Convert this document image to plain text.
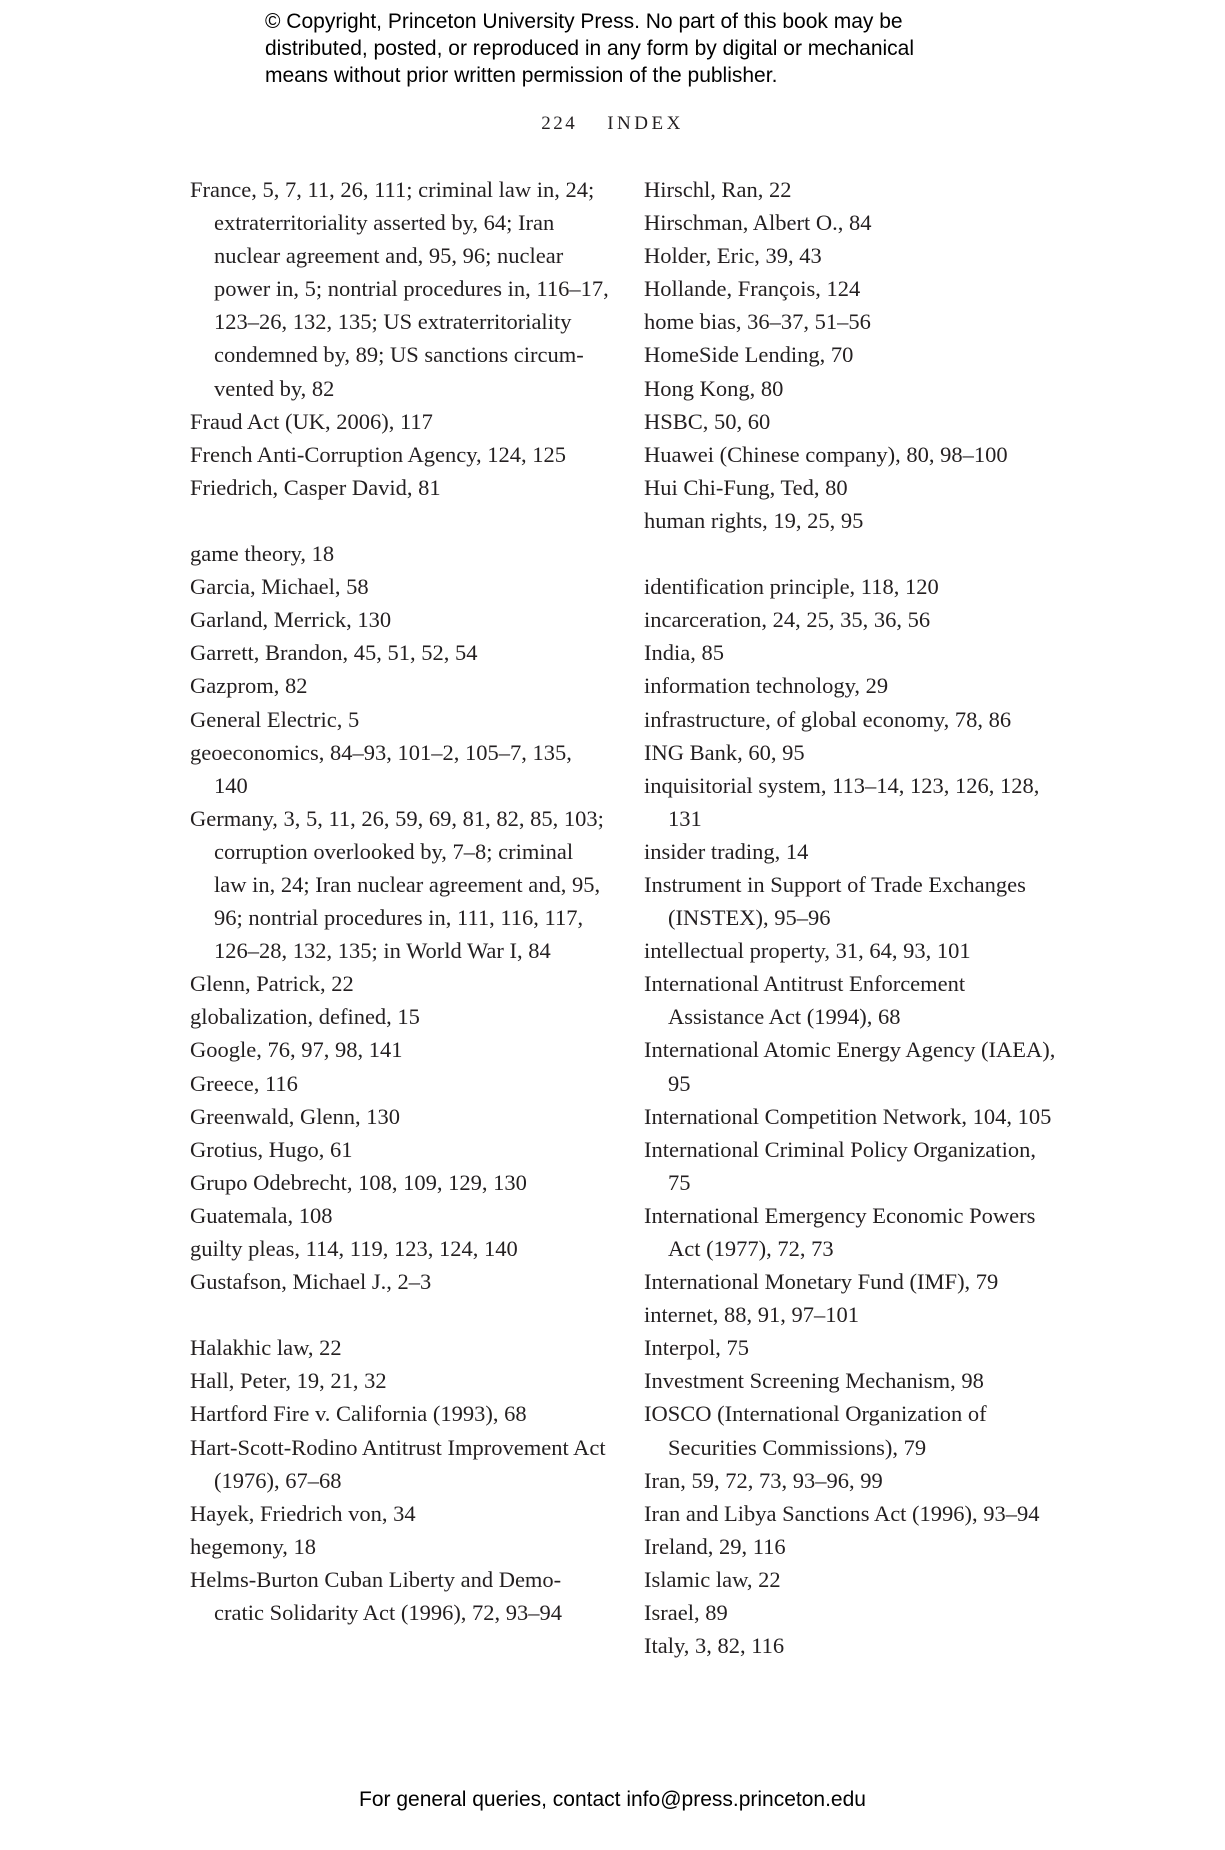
© Copyright, Princeton University Press. No part of this book may be
distributed, posted, or reproduced in any form by digital or mechanical
means without prior written permission of the publisher.
224 INDEX

France, 5, 7, 11, 26, 111; criminal law in, 24; extraterritoriality asserted by, 64; Iran nuclear agreement and, 95, 96; nuclear power in, 5; nontrial procedures in, 116–17, 123–26, 132, 135; US extraterritoriality condemned by, 89; US sanctions circum-vented by, 82

Fraud Act (UK, 2006), 117

French Anti-Corruption Agency, 124, 125

Friedrich, Casper David, 81

game theory, 18

Garcia, Michael, 58

Garland, Merrick, 130

Garrett, Brandon, 45, 51, 52, 54

Gazprom, 82

General Electric, 5

geoeconomics, 84–93, 101–2, 105–7, 135, 140

Germany, 3, 5, 11, 26, 59, 69, 81, 82, 85, 103; corruption overlooked by, 7–8; criminal law in, 24; Iran nuclear agreement and, 95, 96; nontrial procedures in, 111, 116, 117, 126–28, 132, 135; in World War I, 84

Glenn, Patrick, 22

globalization, defined, 15

Google, 76, 97, 98, 141

Greece, 116

Greenwald, Glenn, 130

Grotius, Hugo, 61

Grupo Odebrecht, 108, 109, 129, 130

Guatemala, 108

guilty pleas, 114, 119, 123, 124, 140

Gustafson, Michael J., 2–3

Halakhic law, 22

Hall, Peter, 19, 21, 32

Hartford Fire v. California (1993), 68

Hart-Scott-Rodino Antitrust Improvement Act (1976), 67–68

Hayek, Friedrich von, 34

hegemony, 18

Helms-Burton Cuban Liberty and Demo-cratic Solidarity Act (1996), 72, 93–94

Hirschl, Ran, 22

Hirschman, Albert O., 84

Holder, Eric, 39, 43

Hollande, François, 124

home bias, 36–37, 51–56

HomeSide Lending, 70

Hong Kong, 80

HSBC, 50, 60

Huawei (Chinese company), 80, 98–100

Hui Chi-Fung, Ted, 80

human rights, 19, 25, 95

identification principle, 118, 120

incarceration, 24, 25, 35, 36, 56

India, 85

information technology, 29

infrastructure, of global economy, 78, 86

ING Bank, 60, 95

inquisitorial system, 113–14, 123, 126, 128, 131

insider trading, 14

Instrument in Support of Trade Exchanges (INSTEX), 95–96

intellectual property, 31, 64, 93, 101

International Antitrust Enforcement Assistance Act (1994), 68

International Atomic Energy Agency (IAEA), 95

International Competition Network, 104, 105

International Criminal Policy Organization, 75

International Emergency Economic Powers Act (1977), 72, 73

International Monetary Fund (IMF), 79

internet, 88, 91, 97–101

Interpol, 75

Investment Screening Mechanism, 98

IOSCO (International Organization of Securities Commissions), 79

Iran, 59, 72, 73, 93–96, 99

Iran and Libya Sanctions Act (1996), 93–94

Ireland, 29, 116

Islamic law, 22

Israel, 89

Italy, 3, 82, 116

For general queries, contact info@press.princeton.edu
